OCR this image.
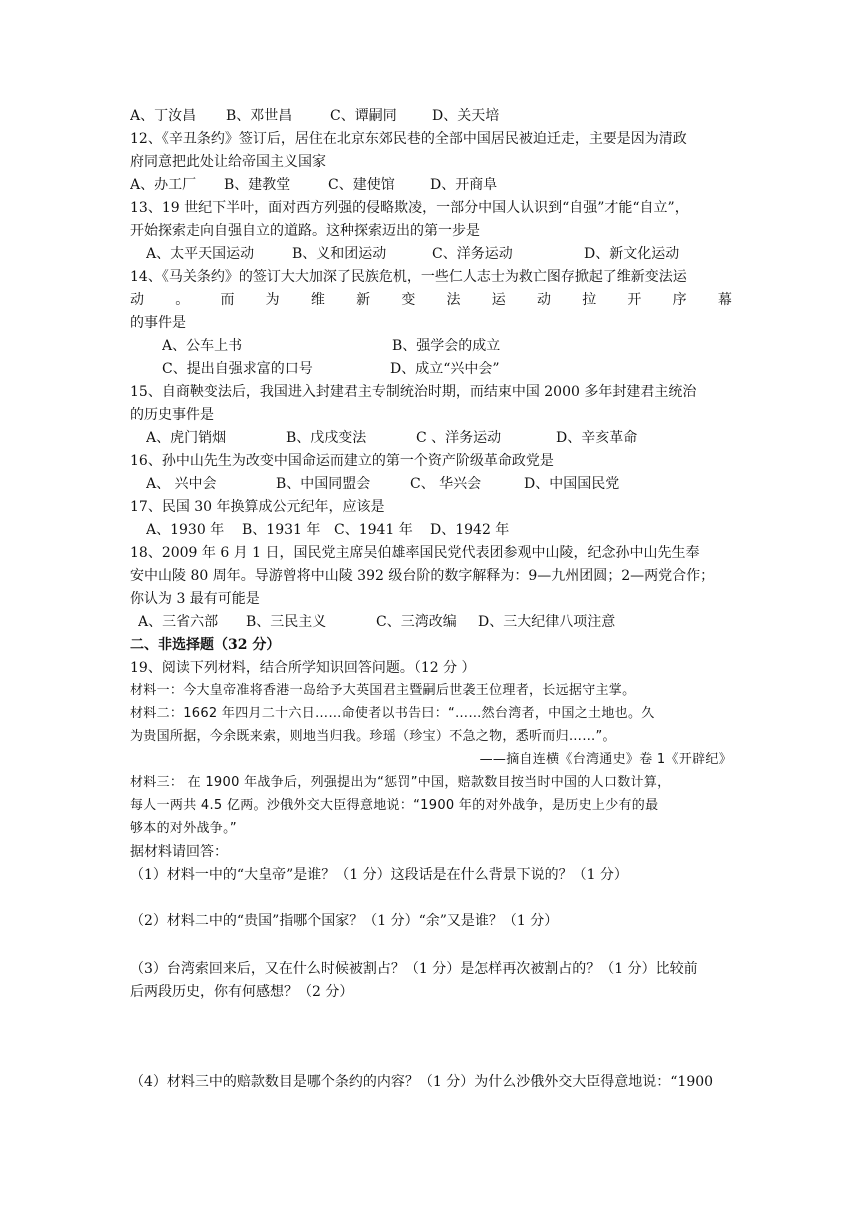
A、丁汝昌 B、邓世昌	C、谭嗣同	D、关天培
12、《辛丑条约》签订后，居住在北京东郊民巷的全部中国居民被迫迁走，主要是因为清政
府同意把此处让给帝国主义国家
A、办工厂 B、建教堂	C、建使馆	D、开商阜
13、19 世纪下半叶，面对西方列强的侵略欺凌，一部分中国人认识到“自强”才能“自立”，
开始探索走向自强自立的道路。这种探索迈出的第一步是
A、太平天国运动	B、义和团运动	C、洋务运动	D、新文化运动
14、《马关条约》的签订大大加深了民族危机，一些仁人志士为救亡图存掀起了维新变法运
动 。 而 为 维 新 变 法 运 动 拉 开 序 幕
的事件是
A、公车上书	B、强学会的成立
C、提出自强求富的口号	D、成立“兴中会”
15、自商鞅变法后，我国进入封建君主专制统治时期，而结束中国 2000 多年封建君主统治
的历史事件是
A、虎门销烟	B、戊戌变法	C 、洋务运动	D、辛亥革命
16、孙中山先生为改变中国命运而建立的第一个资产阶级革命政党是
A、 兴中会	B、中国同盟会	C、 华兴会	D、中国国民党
17、民国 30 年换算成公元纪年，应该是
A、1930 年 B、1931 年 C、1941 年 D、1942 年
18、2009 年 6 月 1 日，国民党主席吴伯雄率国民党代表团参观中山陵，纪念孙中山先生奉
安中山陵 80 周年。导游曾将中山陵 392 级台阶的数字解释为：9—九州团圆；2—两党合作；
你认为 3 最有可能是
A、三省六部 B、三民主义	C、三湾改编 D、三大纪律八项注意
二、非选择题（32 分）
19、阅读下列材料，结合所学知识回答问题。（12 分 ）
材料一：今大皇帝准将香港一岛给予大英国君主暨嗣后世袭王位理者，长远据守主掌。
材料二：1662 年四月二十六日……命使者以书告曰：“……然台湾者，中国之土地也。久
为贵国所据，今余既来索，则地当归我。珍瑶（珍宝）不急之物，悉听而归……”。
——摘自连横《台湾通史》卷 1《开辟纪》
材料三： 在 1900 年战争后，列强提出为“惩罚”中国，赔款数目按当时中国的人口数计算，
每人一两共 4.5 亿两。沙俄外交大臣得意地说：“1900 年的对外战争，是历史上少有的最
够本的对外战争。”
据材料请回答：
（1）材料一中的“大皇帝”是谁？（1 分）这段话是在什么背景下说的？（1 分）
（2）材料二中的“贵国”指哪个国家？（1 分）“余”又是谁？（1 分）
（3）台湾索回来后，又在什么时候被割占？（1 分）是怎样再次被割占的？（1 分）比较前
后两段历史，你有何感想？（2 分）
（4）材料三中的赔款数目是哪个条约的内容？（1 分）为什么沙俄外交大臣得意地说：“1900
